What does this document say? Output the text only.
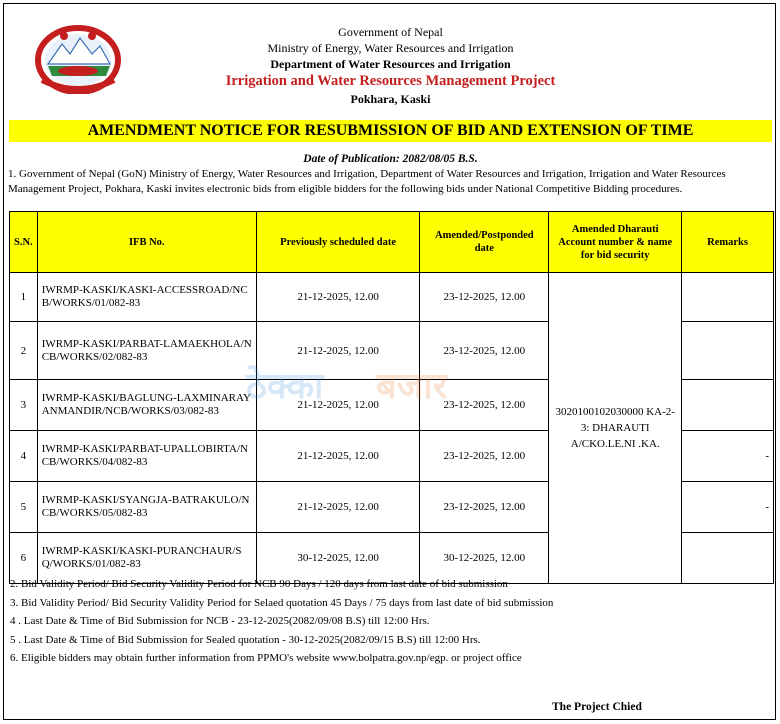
Government of Nepal
Ministry of Energy, Water Resources and Irrigation
Department of Water Resources and Irrigation
Irrigation and Water Resources Management Project
Pokhara, Kaski
AMENDMENT NOTICE FOR RESUBMISSION OF BID AND EXTENSION OF TIME
Date of Publication: 2082/08/05 B.S.
1. Government of Nepal (GoN) Ministry of Energy, Water Resources and Irrigation, Department of Water Resources and Irrigation, Irrigation and Water Resources Management Project, Pokhara, Kaski invites electronic bids from eligible bidders for the following bids under National Competitive Bidding procedures.
S.N.	IFB No.	Previously scheduled date	Amended/Postponded date	Amended Dharauti Account number & name for bid security	Remarks
1	IWRMP-KASKI/KASKI-ACCESSROAD/NCB/WORKS/01/082-83	21-12-2025, 12.00	23-12-2025, 12.00	3020100102030000 KA-2-3: DHARAUTI A/CKO.LE.NI .KA.	
2	IWRMP-KASKI/PARBAT-LAMAEKHOLA/NCB/WORKS/02/082-83	21-12-2025, 12.00	23-12-2025, 12.00		
3	IWRMP-KASKI/BAGLUNG-LAXMINARAYANMANDIR/NCB/WORKS/03/082-83	21-12-2025, 12.00	23-12-2025, 12.00		
4	IWRMP-KASKI/PARBAT-UPALLOBIRTA/NCB/WORKS/04/082-83	21-12-2025, 12.00	23-12-2025, 12.00		-
5	IWRMP-KASKI/SYANGJA-BATRAKULO/NCB/WORKS/05/082-83	21-12-2025, 12.00	23-12-2025, 12.00		-
6	IWRMP-KASKI/KASKI-PURANCHAUR/SQ/WORKS/01/082-83	30-12-2025, 12.00	30-12-2025, 12.00		
ठेक्का बजार
2. Bid Validity Period/ Bid Security Validity Period for NCB 90 Days / 120 days from last date of bid submission
3. Bid Validity Period/ Bid Security Validity Period for Selaed quotation 45 Days / 75 days from last date of bid submission
4 . Last Date & Time of Bid Submission for NCB - 23-12-2025(2082/09/08 B.S) till 12:00 Hrs.
5 . Last Date & Time of Bid Submission for Sealed quotation - 30-12-2025(2082/09/15 B.S) till 12:00 Hrs.
6. Eligible bidders may obtain further information from PPMO's website www.bolpatra.gov.np/egp. or project office
The Project Chied
